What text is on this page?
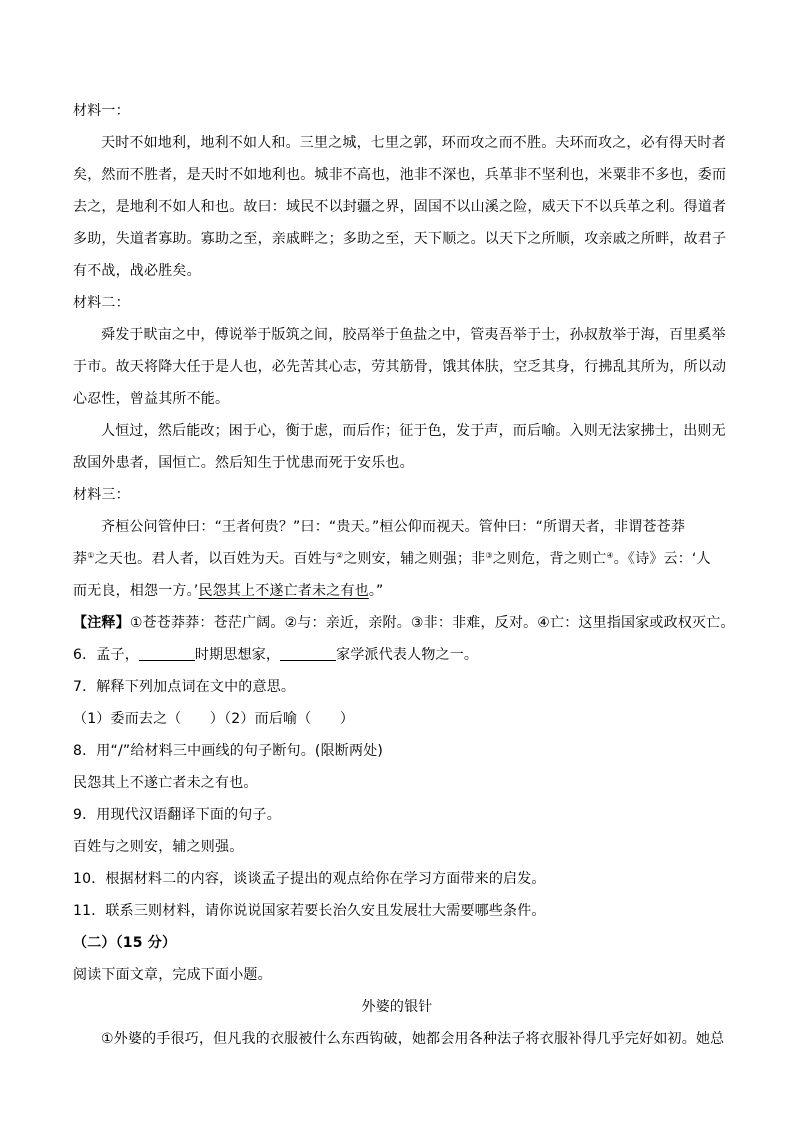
材料一：
天时不如地利，地利不如人和。三里之城，七里之郭，环而攻之而不胜。夫环而攻之，必有得天时者
矣，然而不胜者，是天时不如地利也。城非不高也，池非不深也，兵革非不坚利也，米粟非不多也，委而
去之，是地利不如人和也。故曰：域民不以封疆之界，固国不以山溪之险，威天下不以兵革之利。得道者
多助，失道者寡助。寡助之至，亲戚畔之；多助之至，天下顺之。以天下之所顺，攻亲戚之所畔，故君子
有不战，战必胜矣。
材料二：
舜发于畎亩之中，傅说举于版筑之间，胶鬲举于鱼盐之中，管夷吾举于士，孙叔敖举于海，百里奚举
于市。故天将降大任于是人也，必先苦其心志，劳其筋骨，饿其体肤，空乏其身，行拂乱其所为，所以动
心忍性，曾益其所不能。
人恒过，然后能改；困于心，衡于虑，而后作；征于色，发于声，而后喻。入则无法家拂士，出则无
敌国外患者，国恒亡。然后知生于忧患而死于安乐也。
材料三：
齐桓公问管仲曰：“王者何贵？”曰：“贵天。”桓公仰而视天。管仲曰：“所谓天者，非谓苍苍莽
莽①之天也。君人者，以百姓为天。百姓与②之则安，辅之则强；非③之则危，背之则亡④。《诗》云：‘人
而无良，相怨一方。’民怨其上不遂亡者未之有也。”
【注释】①苍苍莽莽：苍茫广阔。②与：亲近，亲附。③非：非难，反对。④亡：这里指国家或政权灭亡。
6．孟子，	时期思想家，	家学派代表人物之一。
7．解释下列加点词在文中的意思。
（1）委而去之（　　）（2）而后喻（　　）
8．用“/”给材料三中画线的句子断句。(限断两处)
民怨其上不遂亡者未之有也。
9．用现代汉语翻译下面的句子。
百姓与之则安，辅之则强。
10．根据材料二的内容，谈谈孟子提出的观点给你在学习方面带来的启发。
11．联系三则材料，请你说说国家若要长治久安且发展壮大需要哪些条件。
（二）（15 分）
阅读下面文章，完成下面小题。
外婆的银针
①外婆的手很巧，但凡我的衣服被什么东西钩破，她都会用各种法子将衣服补得几乎完好如初。她总
